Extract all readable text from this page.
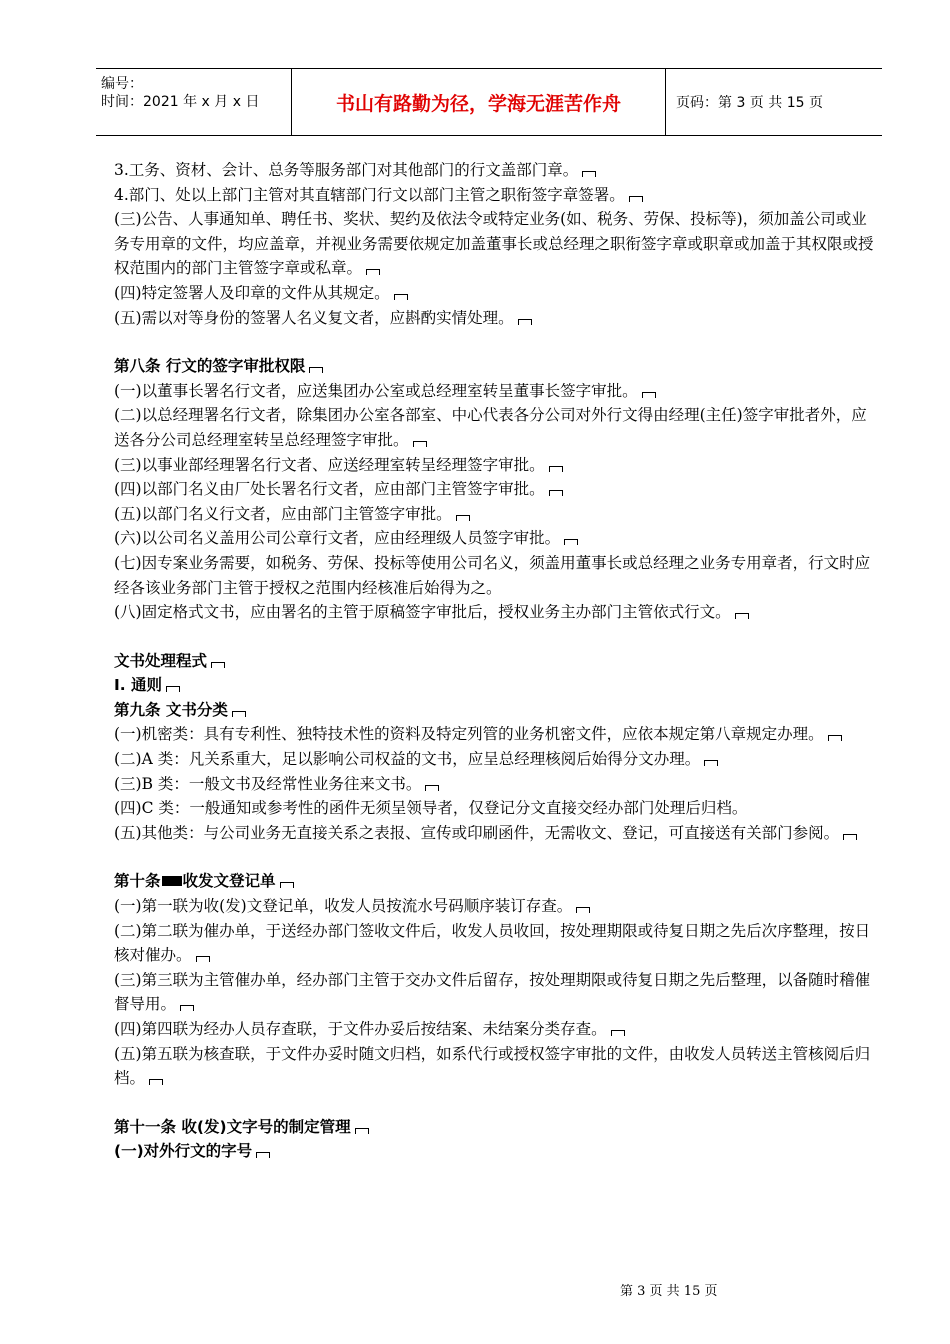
编号：
时间：2021 年 x 月 x 日	书山有路勤为径，学海无涯苦作舟	页码：第 3 页 共 15 页
3.工务、资材、会计、总务等服务部门对其他部门的行文盖部门章。
4.部门、处以上部门主管对其直辖部门行文以部门主管之职衔签字章签署。
(三)公告、人事通知单、聘任书、奖状、契约及依法令或特定业务(如、税务、劳保、投标等)，须加盖公司或业务专用章的文件，均应盖章，并视业务需要依规定加盖董事长或总经理之职衔签字章或职章或加盖于其权限或授权范围内的部门主管签字章或私章。
(四)特定签署人及印章的文件从其规定。
(五)需以对等身份的签署人名义复文者，应斟酌实情处理。
第八条 行文的签字审批权限
(一)以董事长署名行文者，应送集团办公室或总经理室转呈董事长签字审批。
(二)以总经理署名行文者，除集团办公室各部室、中心代表各分公司对外行文得由经理(主任)签字审批者外，应送各分公司总经理室转呈总经理签字审批。
(三)以事业部经理署名行文者、应送经理室转呈经理签字审批。
(四)以部门名义由厂处长署名行文者，应由部门主管签字审批。
(五)以部门名义行文者，应由部门主管签字审批。
(六)以公司名义盖用公司公章行文者，应由经理级人员签字审批。
(七)因专案业务需要，如税务、劳保、投标等使用公司名义，须盖用董事长或总经理之业务专用章者，行文时应经各该业务部门主管于授权之范围内经核准后始得为之。
(八)固定格式文书，应由署名的主管于原稿签字审批后，授权业务主办部门主管依式行文。
文书处理程式
Ⅰ. 通则
第九条 文书分类
(一)机密类：具有专利性、独特技术性的资料及特定列管的业务机密文件，应依本规定第八章规定办理。
(二)A 类：凡关系重大，足以影响公司权益的文书，应呈总经理核阅后始得分文办理。
(三)B 类：一般文书及经常性业务往来文书。
(四)C 类：一般通知或参考性的函件无须呈领导者，仅登记分文直接交经办部门处理后归档。
(五)其他类：与公司业务无直接关系之表报、宣传或印刷函件，无需收文、登记，可直接送有关部门参阅。
第十条 收发文登记单
(一)第一联为收(发)文登记单，收发人员按流水号码顺序装订存查。
(二)第二联为催办单，于送经办部门签收文件后，收发人员收回，按处理期限或待复日期之先后次序整理，按日核对催办。
(三)第三联为主管催办单，经办部门主管于交办文件后留存，按处理期限或待复日期之先后整理，以备随时稽催督导用。
(四)第四联为经办人员存查联，于文件办妥后按结案、未结案分类存查。
(五)第五联为核查联，于文件办妥时随文归档，如系代行或授权签字审批的文件，由收发人员转送主管核阅后归档。
第十一条 收(发)文字号的制定管理
(一)对外行文的字号
第 3 页 共 15 页
